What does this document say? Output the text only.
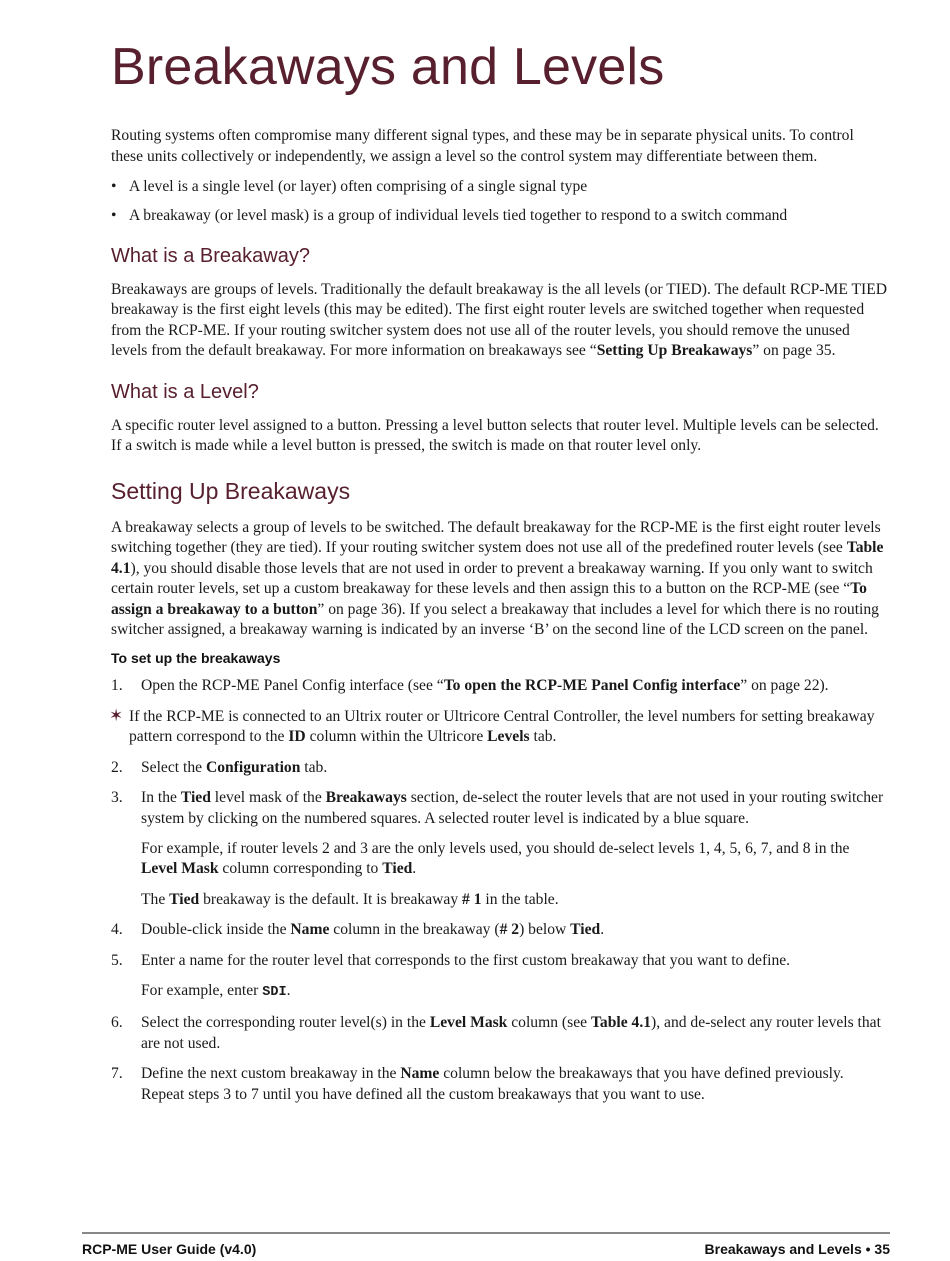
Breakaways and Levels

Routing systems often compromise many different signal types, and these may be in separate physical units. To control these units collectively or independently, we assign a level so the control system may differentiate between them.

• A level is a single level (or layer) often comprising of a single signal type
• A breakaway (or level mask) is a group of individual levels tied together to respond to a switch command
What is a Breakaway?

Breakaways are groups of levels. Traditionally the default breakaway is the all levels (or TIED). The default RCP-ME TIED breakaway is the first eight levels (this may be edited). The first eight router levels are switched together when requested from the RCP-ME. If your routing switcher system does not use all of the router levels, you should remove the unused levels from the default breakaway. For more information on breakaways see “Setting Up Breakaways” on page 35.

What is a Level?

A specific router level assigned to a button. Pressing a level button selects that router level. Multiple levels can be selected. If a switch is made while a level button is pressed, the switch is made on that router level only.

Setting Up Breakaways

A breakaway selects a group of levels to be switched. The default breakaway for the RCP-ME is the first eight router levels switching together (they are tied). If your routing switcher system does not use all of the predefined router levels (see Table 4.1), you should disable those levels that are not used in order to prevent a breakaway warning. If you only want to switch certain router levels, set up a custom breakaway for these levels and then assign this to a button on the RCP-ME (see “To assign a breakaway to a button” on page 36). If you select a breakaway that includes a level for which there is no routing switcher assigned, a breakaway warning is indicated by an inverse ‘B’ on the second line of the LCD screen on the panel.

To set up the breakaways
1. Open the RCP-ME Panel Config interface (see “To open the RCP-ME Panel Config interface” on page 22).
✶ If the RCP-ME is connected to an Ultrix router or Ultricore Central Controller, the level numbers for setting breakaway pattern correspond to the ID column within the Ultricore Levels tab.
2. Select the Configuration tab.
3. In the Tied level mask of the Breakaways section, de-select the router levels that are not used in your routing switcher system by clicking on the numbered squares. A selected router level is indicated by a blue square.
For example, if router levels 2 and 3 are the only levels used, you should de-select levels 1, 4, 5, 6, 7, and 8 in the Level Mask column corresponding to Tied.
The Tied breakaway is the default. It is breakaway # 1 in the table.
4. Double-click inside the Name column in the breakaway (# 2) below Tied.
5. Enter a name for the router level that corresponds to the first custom breakaway that you want to define.
For example, enter SDI.
6. Select the corresponding router level(s) in the Level Mask column (see Table 4.1), and de-select any router levels that are not used.
7. Define the next custom breakaway in the Name column below the breakaways that you have defined previously. Repeat steps 3 to 7 until you have defined all the custom breakaways that you want to use.
RCP-ME User Guide (v4.0)	Breakaways and Levels • 35
